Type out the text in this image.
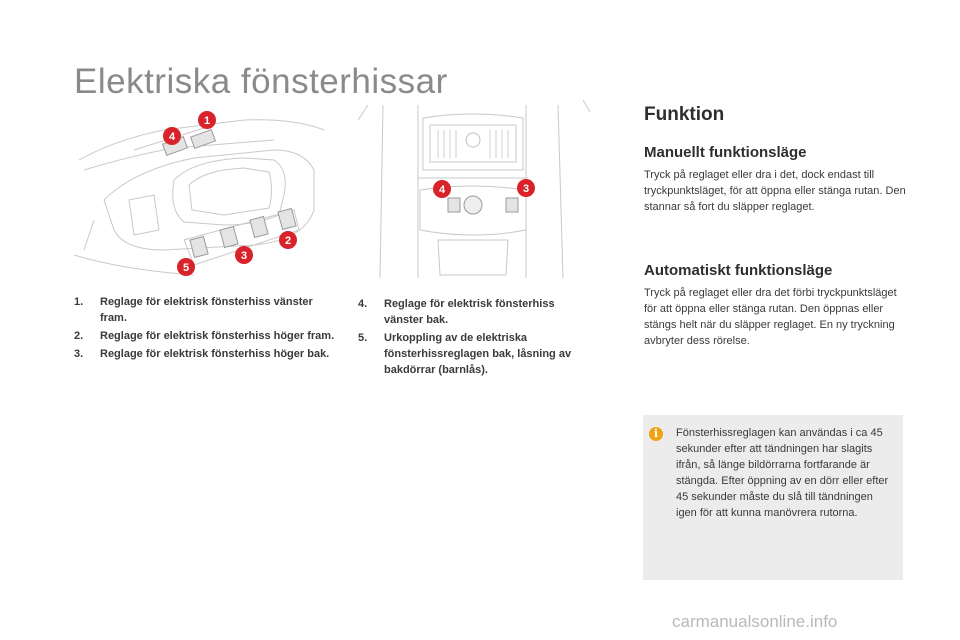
Elektriska fönsterhissar
4
1
2
3
5
4	3
1. Reglage för elektrisk fönsterhiss vänster fram.
2. Reglage för elektrisk fönsterhiss höger fram.
3. Reglage för elektrisk fönsterhiss höger bak.
4. Reglage för elektrisk fönsterhiss vänster bak.
5. Urkoppling av de elektriska fönsterhissreglagen bak, låsning av bakdörrar (barnlås).
Funktion
Manuellt funktionsläge

Tryck på reglaget eller dra i det, dock endast till tryckpunktsläget, för att öppna eller stänga rutan. Den stannar så fort du släpper reglaget.

Automatiskt funktionsläge

Tryck på reglaget eller dra det förbi tryckpunktsläget för att öppna eller stänga rutan. Den öppnas eller stängs helt när du släpper reglaget. En ny tryckning avbryter dess rörelse.

i	Fönsterhissreglagen kan användas i ca 45 sekunder efter att tändningen har slagits ifrån, så länge bildörrarna fortfarande är stängda. Efter öppning av en dörr eller efter 45 sekunder måste du slå till tändningen igen för att kunna manövrera rutorna.

carmanualsonline.info
